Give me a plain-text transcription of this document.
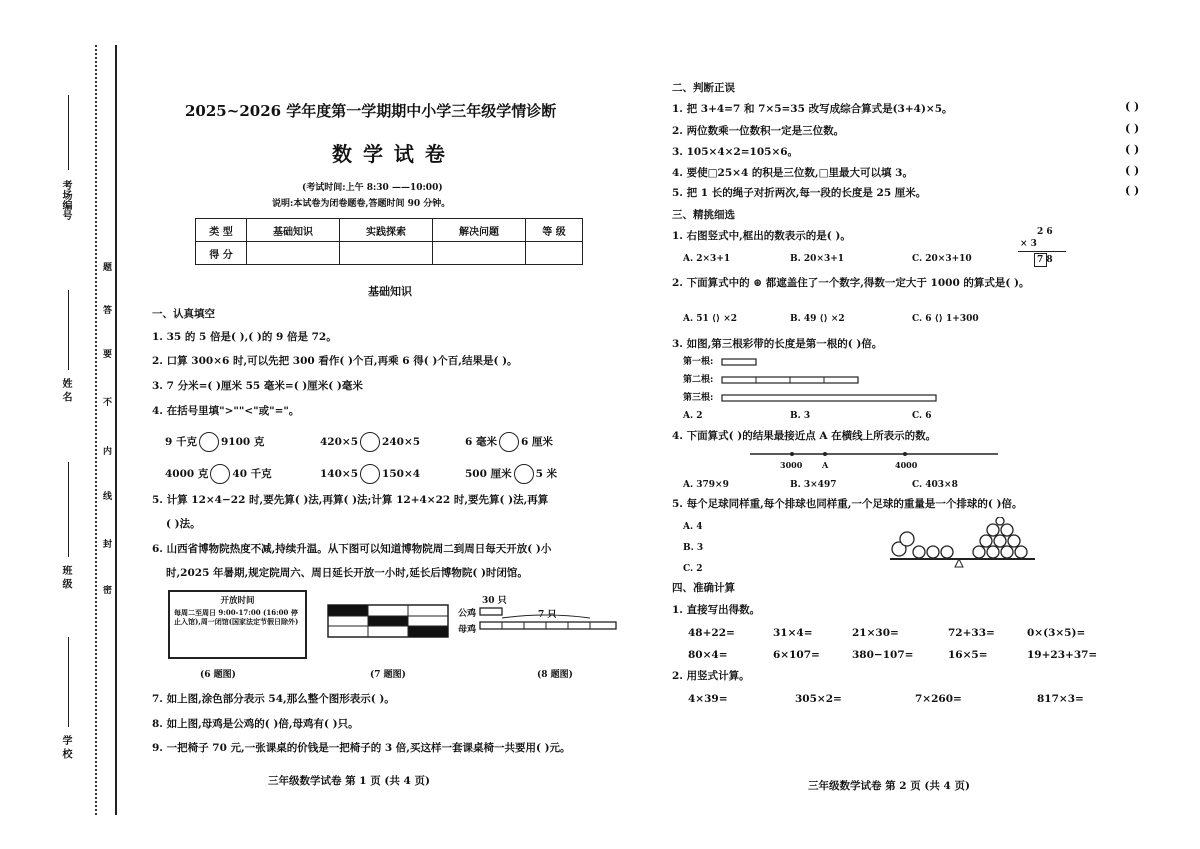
考场编号
姓 名
班 级
学 校
题
答
要
不
内
线
封
密
2025~2026 学年度第一学期期中小学三年级学情诊断
数 学 试 卷
(考试时间:上午 8:30 ——10:00)
说明:本试卷为闭卷题卷,答题时间 90 分钟。
类 型	基础知识	实践探索	解决问题	等 级
得 分				
基础知识
一、认真填空
1. 35 的 5 倍是( ),( )的 9 倍是 72。
2. 口算 300×6 时,可以先把 300 看作( )个百,再乘 6 得( )个百,结果是( )。
3. 7 分米=( )厘米 55 毫米=( )厘米( )毫米
4. 在括号里填">""<"或"="。
9 千克 9100 克	420×5 240×5	6 毫米 6 厘米
4000 克 40 千克	140×5 150×4	500 厘米 5 米
5. 计算 12×4−22 时,要先算( )法,再算( )法;计算 12+4×22 时,要先算( )法,再算
( )法。
6. 山西省博物院热度不减,持续升温。从下图可以知道博物院周二到周日每天开放( )小
时,2025 年暑期,规定院周六、周日延长开放一小时,延长后博物院( )时闭馆。
开放时间
每周二至周日 9:00-17:00 (16:00 停止入馆),周一闭馆(国家法定节假日除外)
公鸡
母鸡
30 只
7 只
(6 题图)	(7 题图)	(8 题图)
7. 如上图,涂色部分表示 54,那么整个图形表示( )。
8. 如上图,母鸡是公鸡的( )倍,母鸡有( )只。
9. 一把椅子 70 元,一张课桌的价钱是一把椅子的 3 倍,买这样一套课桌椅一共要用( )元。
三年级数学试卷 第 1 页 (共 4 页)
二、判断正误
1. 把 3+4=7 和 7×5=35 改写成综合算式是(3+4)×5。
2. 两位数乘一位数积一定是三位数。
3. 105×4×2=105×6。
4. 要使□25×4 的积是三位数,□里最大可以填 3。
5. 把 1 长的绳子对折两次,每一段的长度是 25 厘米。
( )
( )
( )
( )
( )
三、精挑细选
1. 右图竖式中,框出的数表示的是( )。
A. 2×3+1	B. 20×3+1	C. 20×3+10
2 6
× 3
7 8
2. 下面算式中的 ⊛ 都遮盖住了一个数字,得数一定大于 1000 的算式是( )。
A. 51 ⟨⟩ ×2	B. 49 ⟨⟩ ×2	C. 6 ⟨⟩ 1+300
3. 如图,第三根彩带的长度是第一根的( )倍。
第一根:
第二根:
第三根:
A. 2	B. 3	C. 6
4. 下面算式( )的结果最接近点 A 在横线上所表示的数。
3000 A	4000
A. 379×9	B. 3×497	C. 403×8
5. 每个足球同样重,每个排球也同样重,一个足球的重量是一个排球的( )倍。
A. 4
B. 3
C. 2
四、准确计算
1. 直接写出得数。
48+22=	31×4=	21×30=	72+33=	0×(3×5)=
80×4=	6×107=	380−107=	16×5=	19+23+37=
2. 用竖式计算。
4×39=	305×2=	7×260=	817×3=
三年级数学试卷 第 2 页 (共 4 页)
